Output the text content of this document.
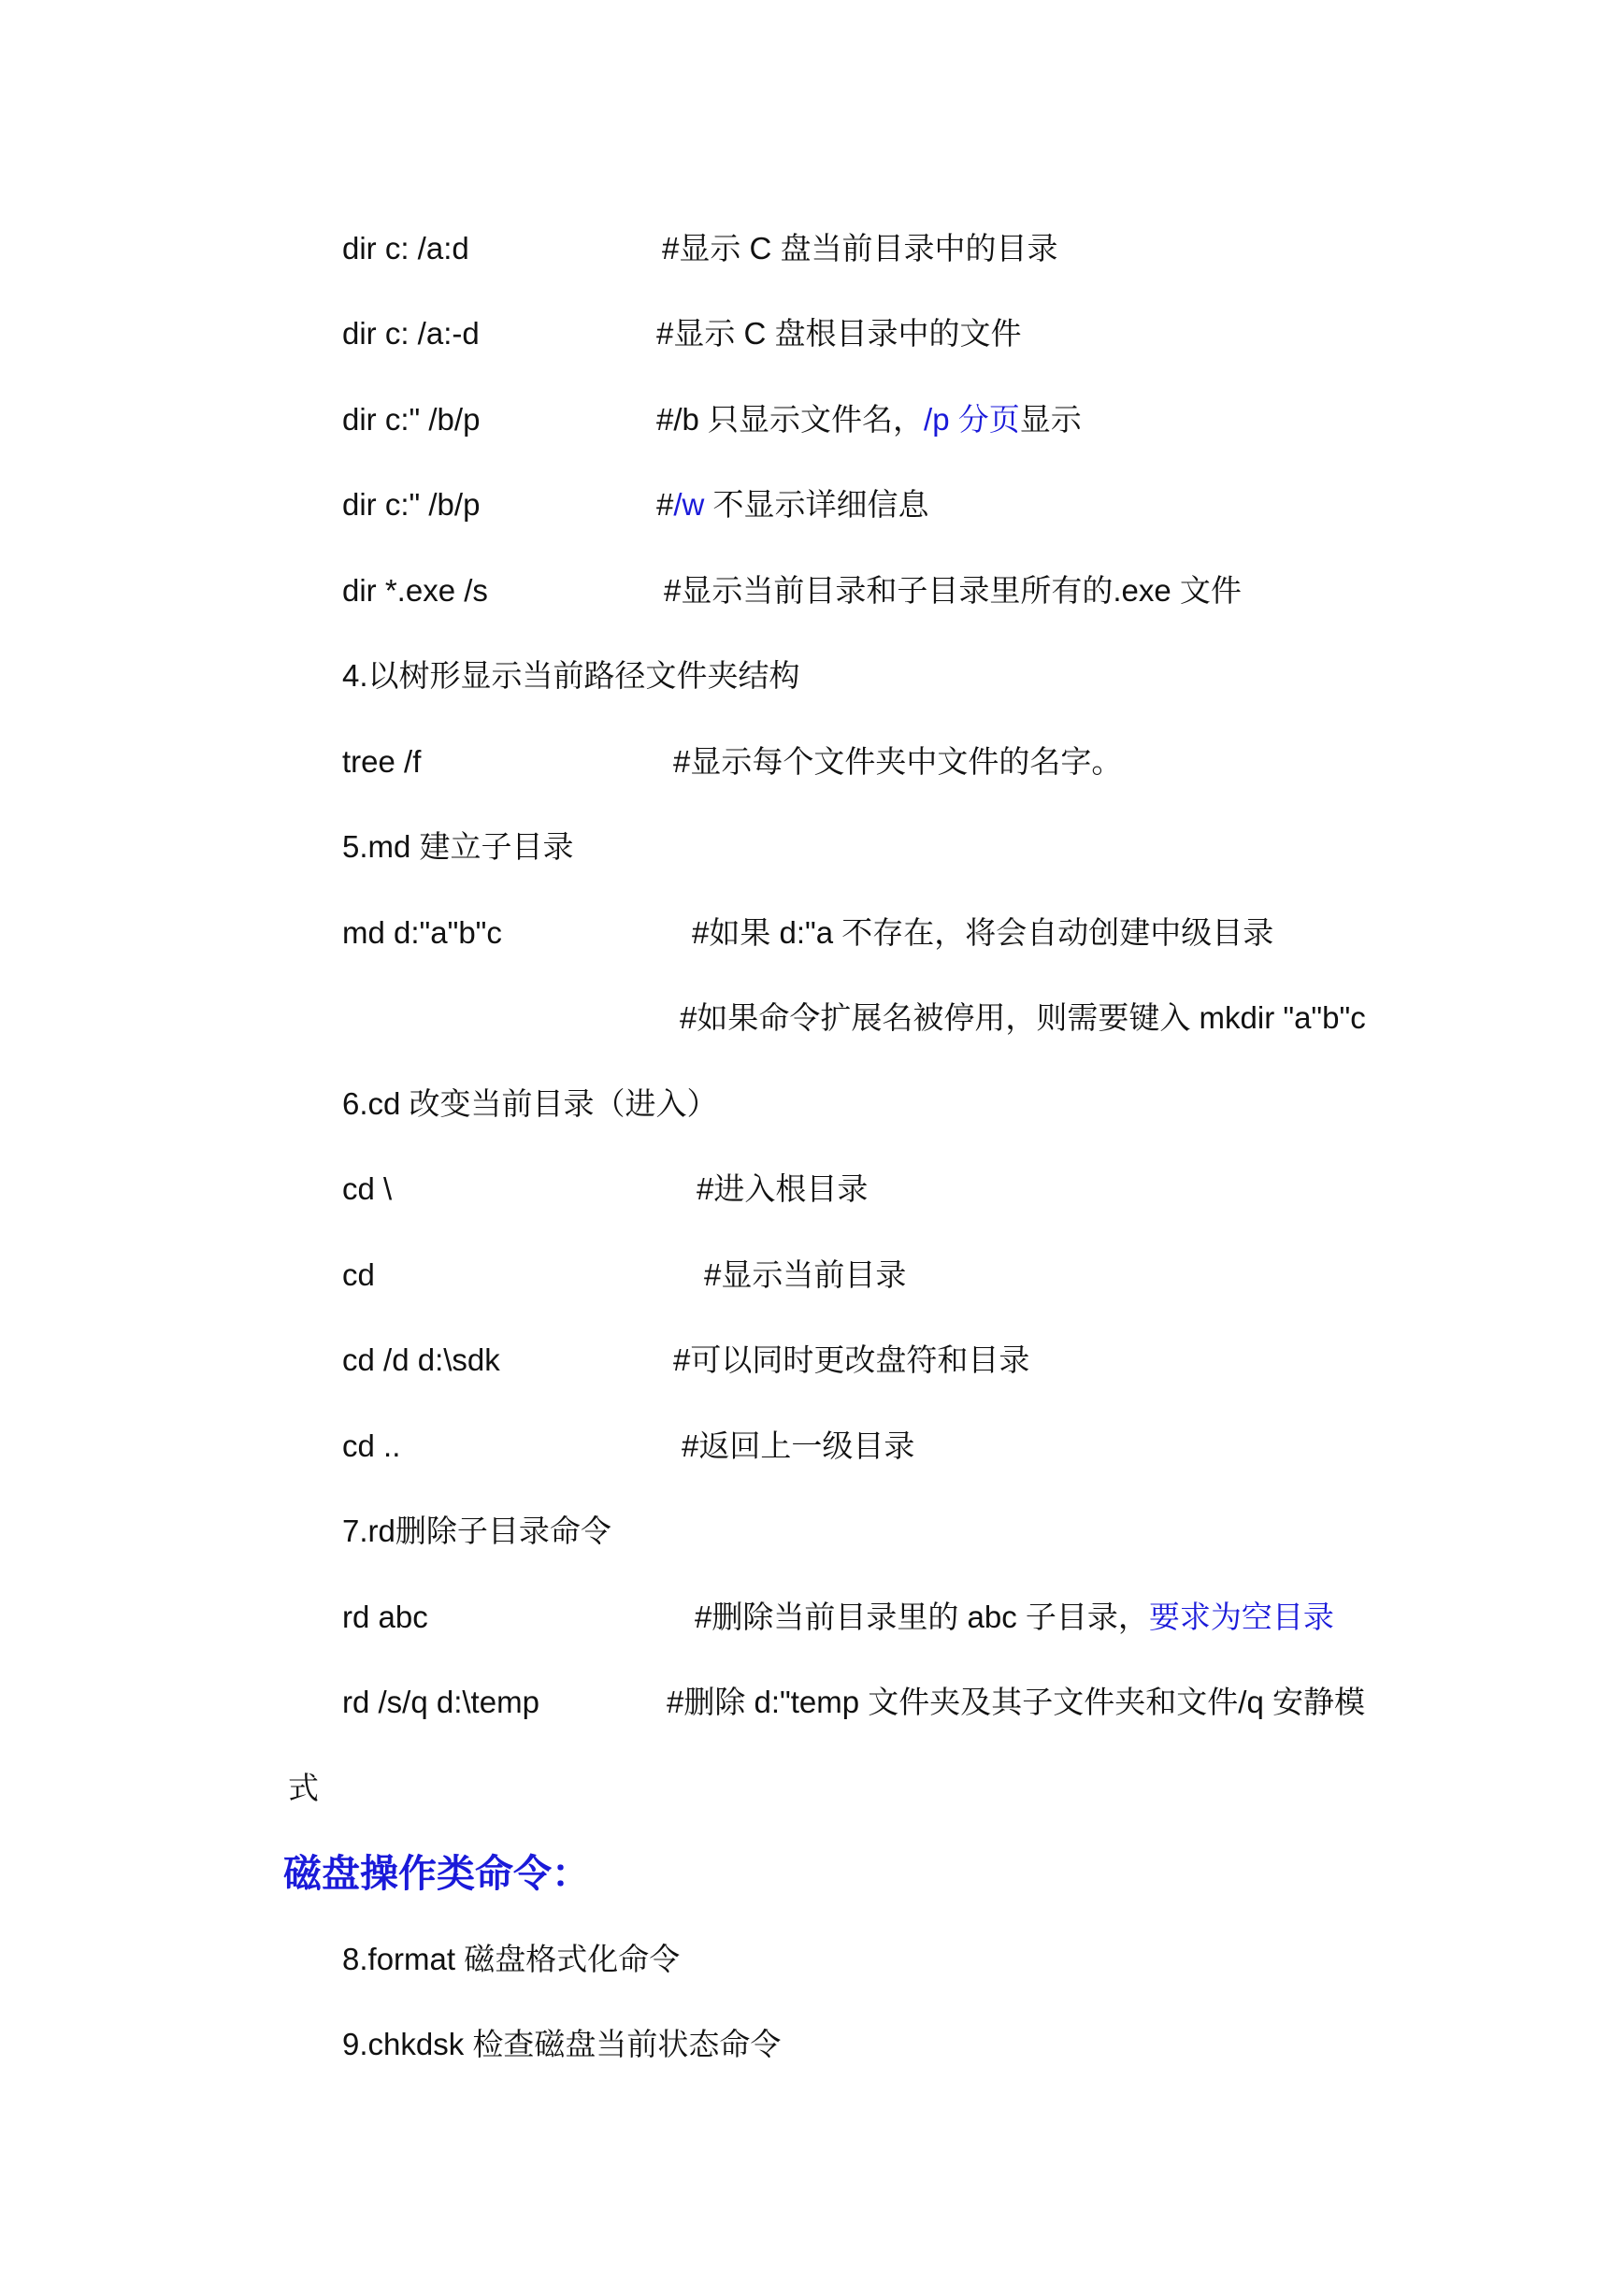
dir c: /a:d	#显示 C 盘当前目录中的目录
dir c: /a:-d	#显示 C 盘根目录中的文件
dir c:" /b/p	#/b 只显示文件名，/p 分页显示
dir c:" /b/p	#/w 不显示详细信息
dir *.exe /s	#显示当前目录和子目录里所有的.exe 文件
4.以树形显示当前路径文件夹结构
tree /f	#显示每个文件夹中文件的名字。
5.md 建立子目录
md d:"a"b"c	#如果 d:"a 不存在，将会自动创建中级目录
#如果命令扩展名被停用，则需要键入 mkdir "a"b"c
6.cd 改变当前目录（进入）
cd \	#进入根目录
cd	#显示当前目录
cd /d d:\sdk	#可以同时更改盘符和目录
cd ..	#返回上一级目录
7.rd删除子目录命令
rd abc	#删除当前目录里的 abc 子目录，要求为空目录
rd /s/q d:\temp	#删除 d:"temp 文件夹及其子文件夹和文件/q 安静模
式
磁盘操作类命令：
8.format 磁盘格式化命令
9.chkdsk 检查磁盘当前状态命令
